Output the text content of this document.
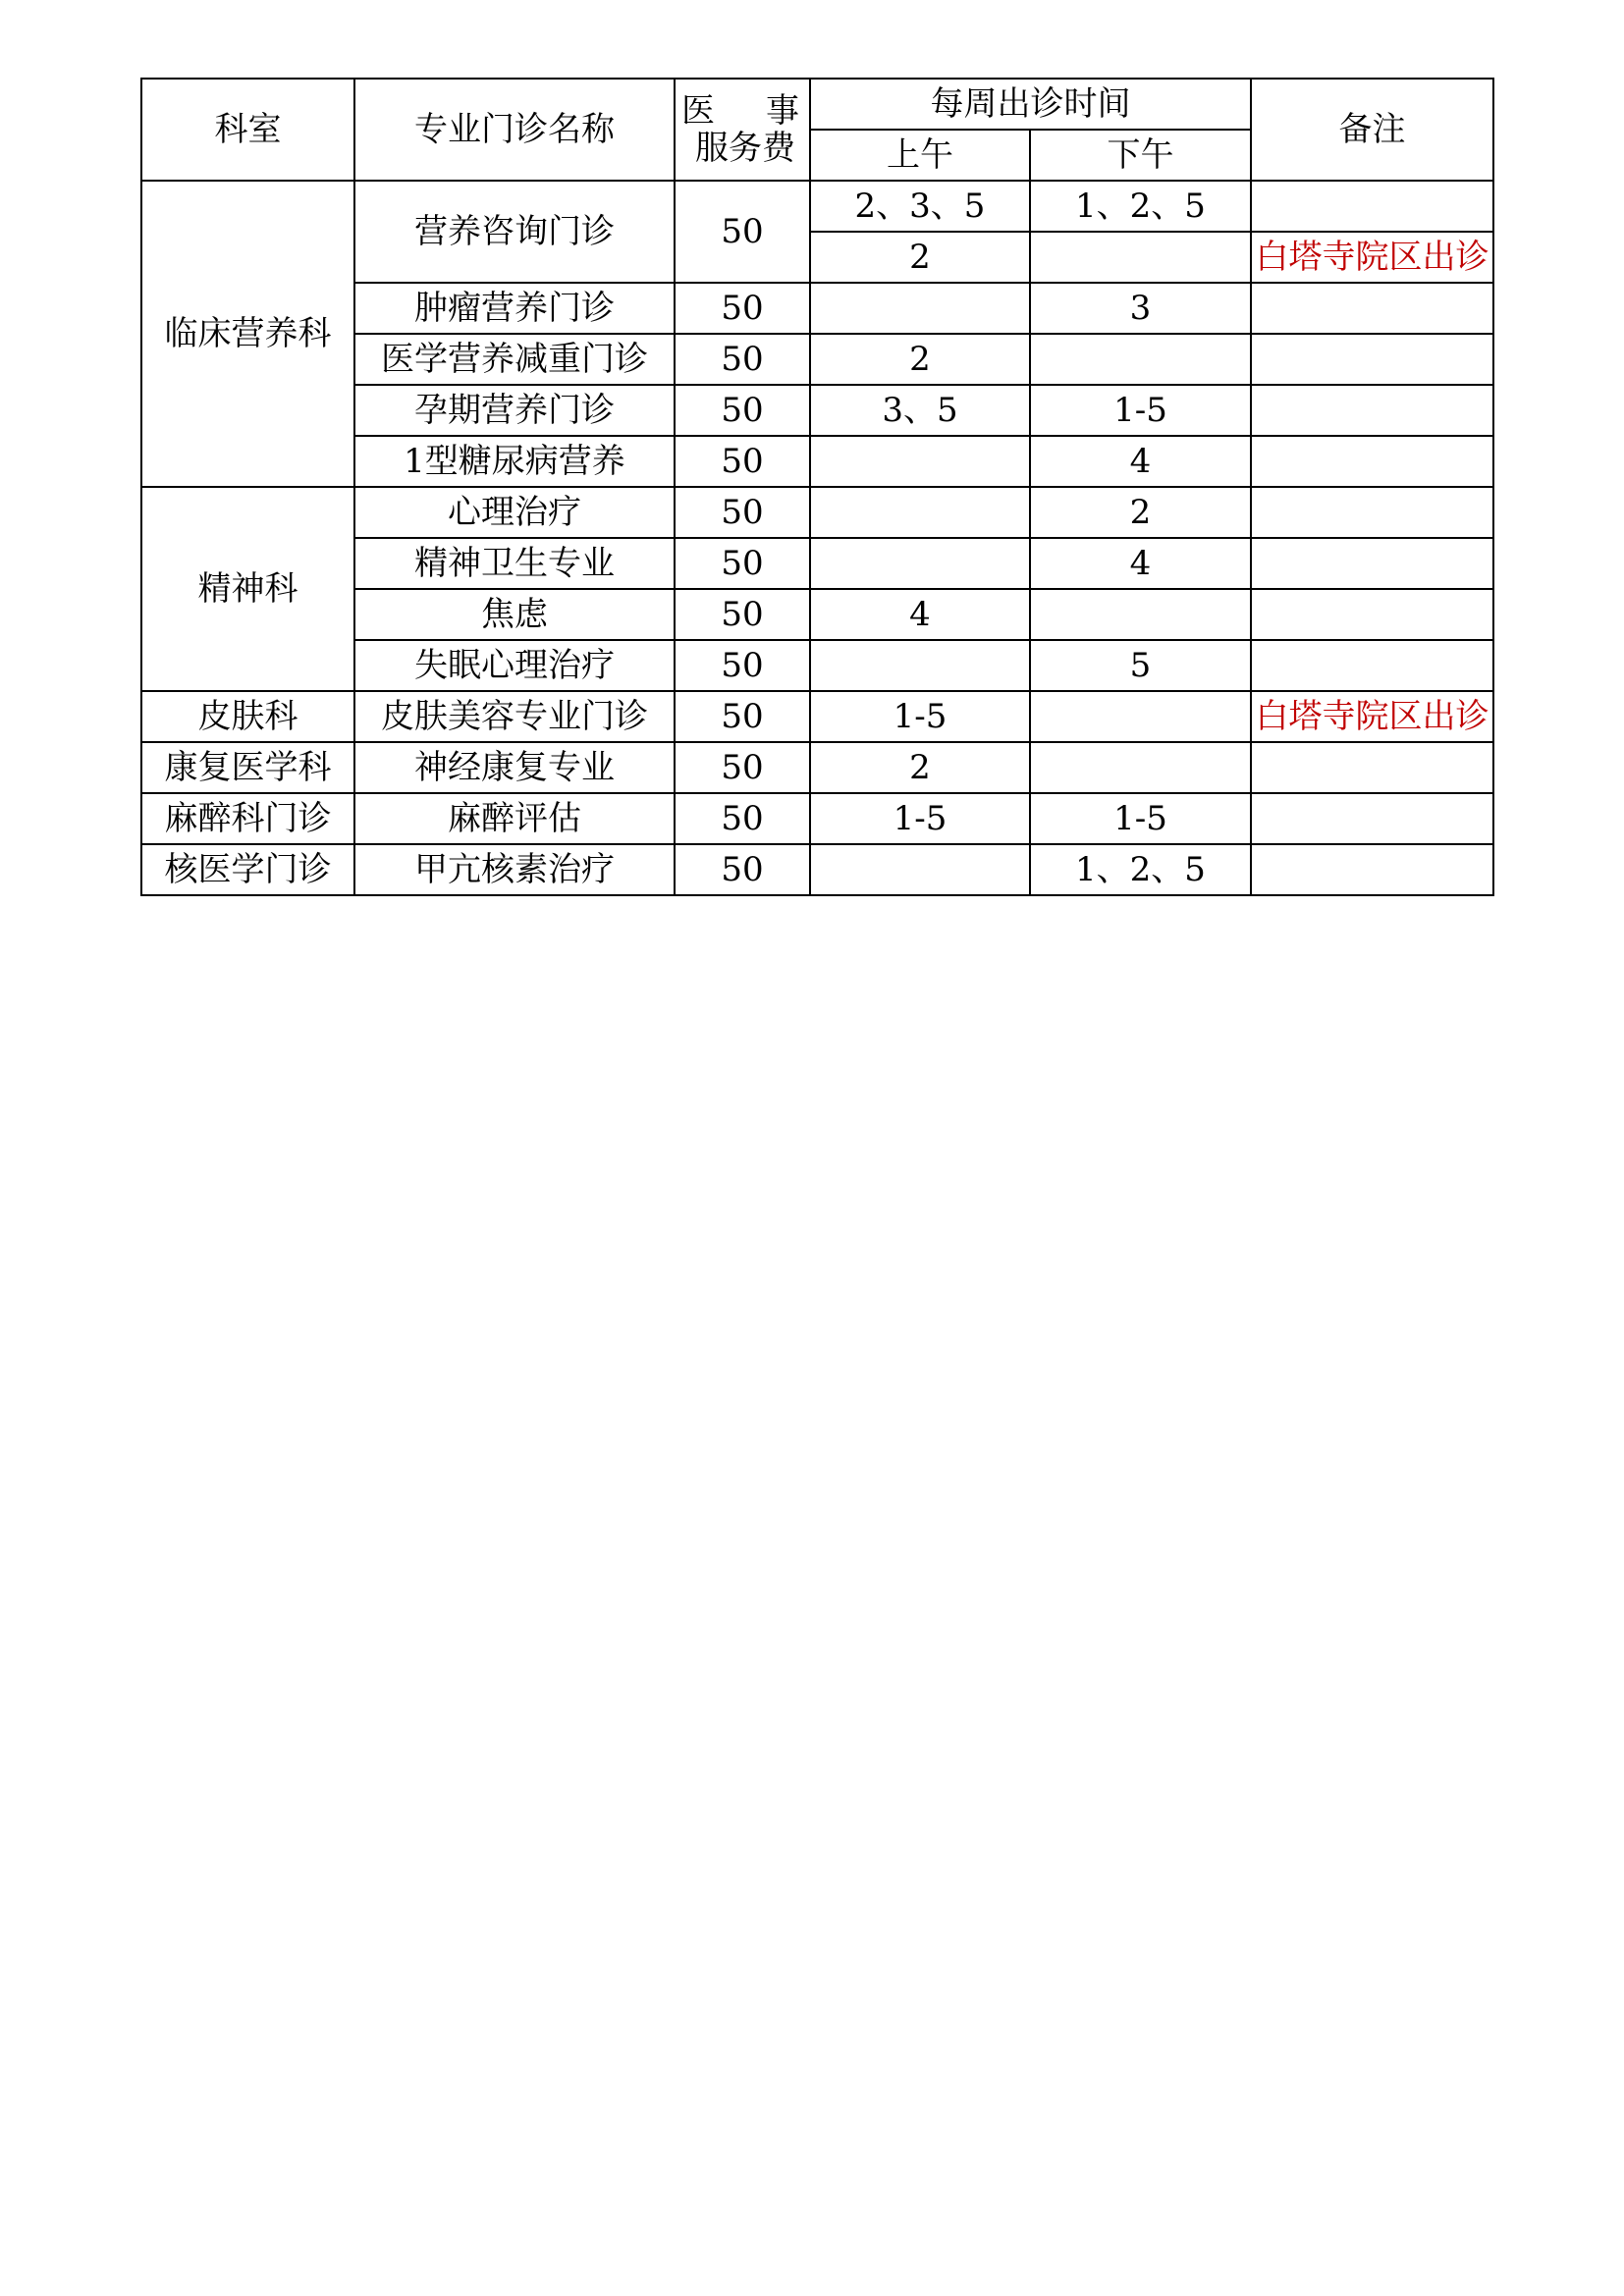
科室	专业门诊名称	医 事
服务费	每周出诊时间		备注
			上午	下午	
临床营养科	营养咨询门诊	50	2、3、5	1、2、5	
			2		白塔寺院区出诊
	肿瘤营养门诊	50		3	
	医学营养减重门诊	50	2		
	孕期营养门诊	50	3、5	1-5	
	1型糖尿病营养	50		4	
精神科	心理治疗	50		2	
	精神卫生专业	50		4	
	焦虑	50	4		
	失眠心理治疗	50		5	
皮肤科	皮肤美容专业门诊	50	1-5		白塔寺院区出诊
康复医学科	神经康复专业	50	2		
麻醉科门诊	麻醉评估	50	1-5	1-5	
核医学门诊	甲亢核素治疗	50		1、2、5	
